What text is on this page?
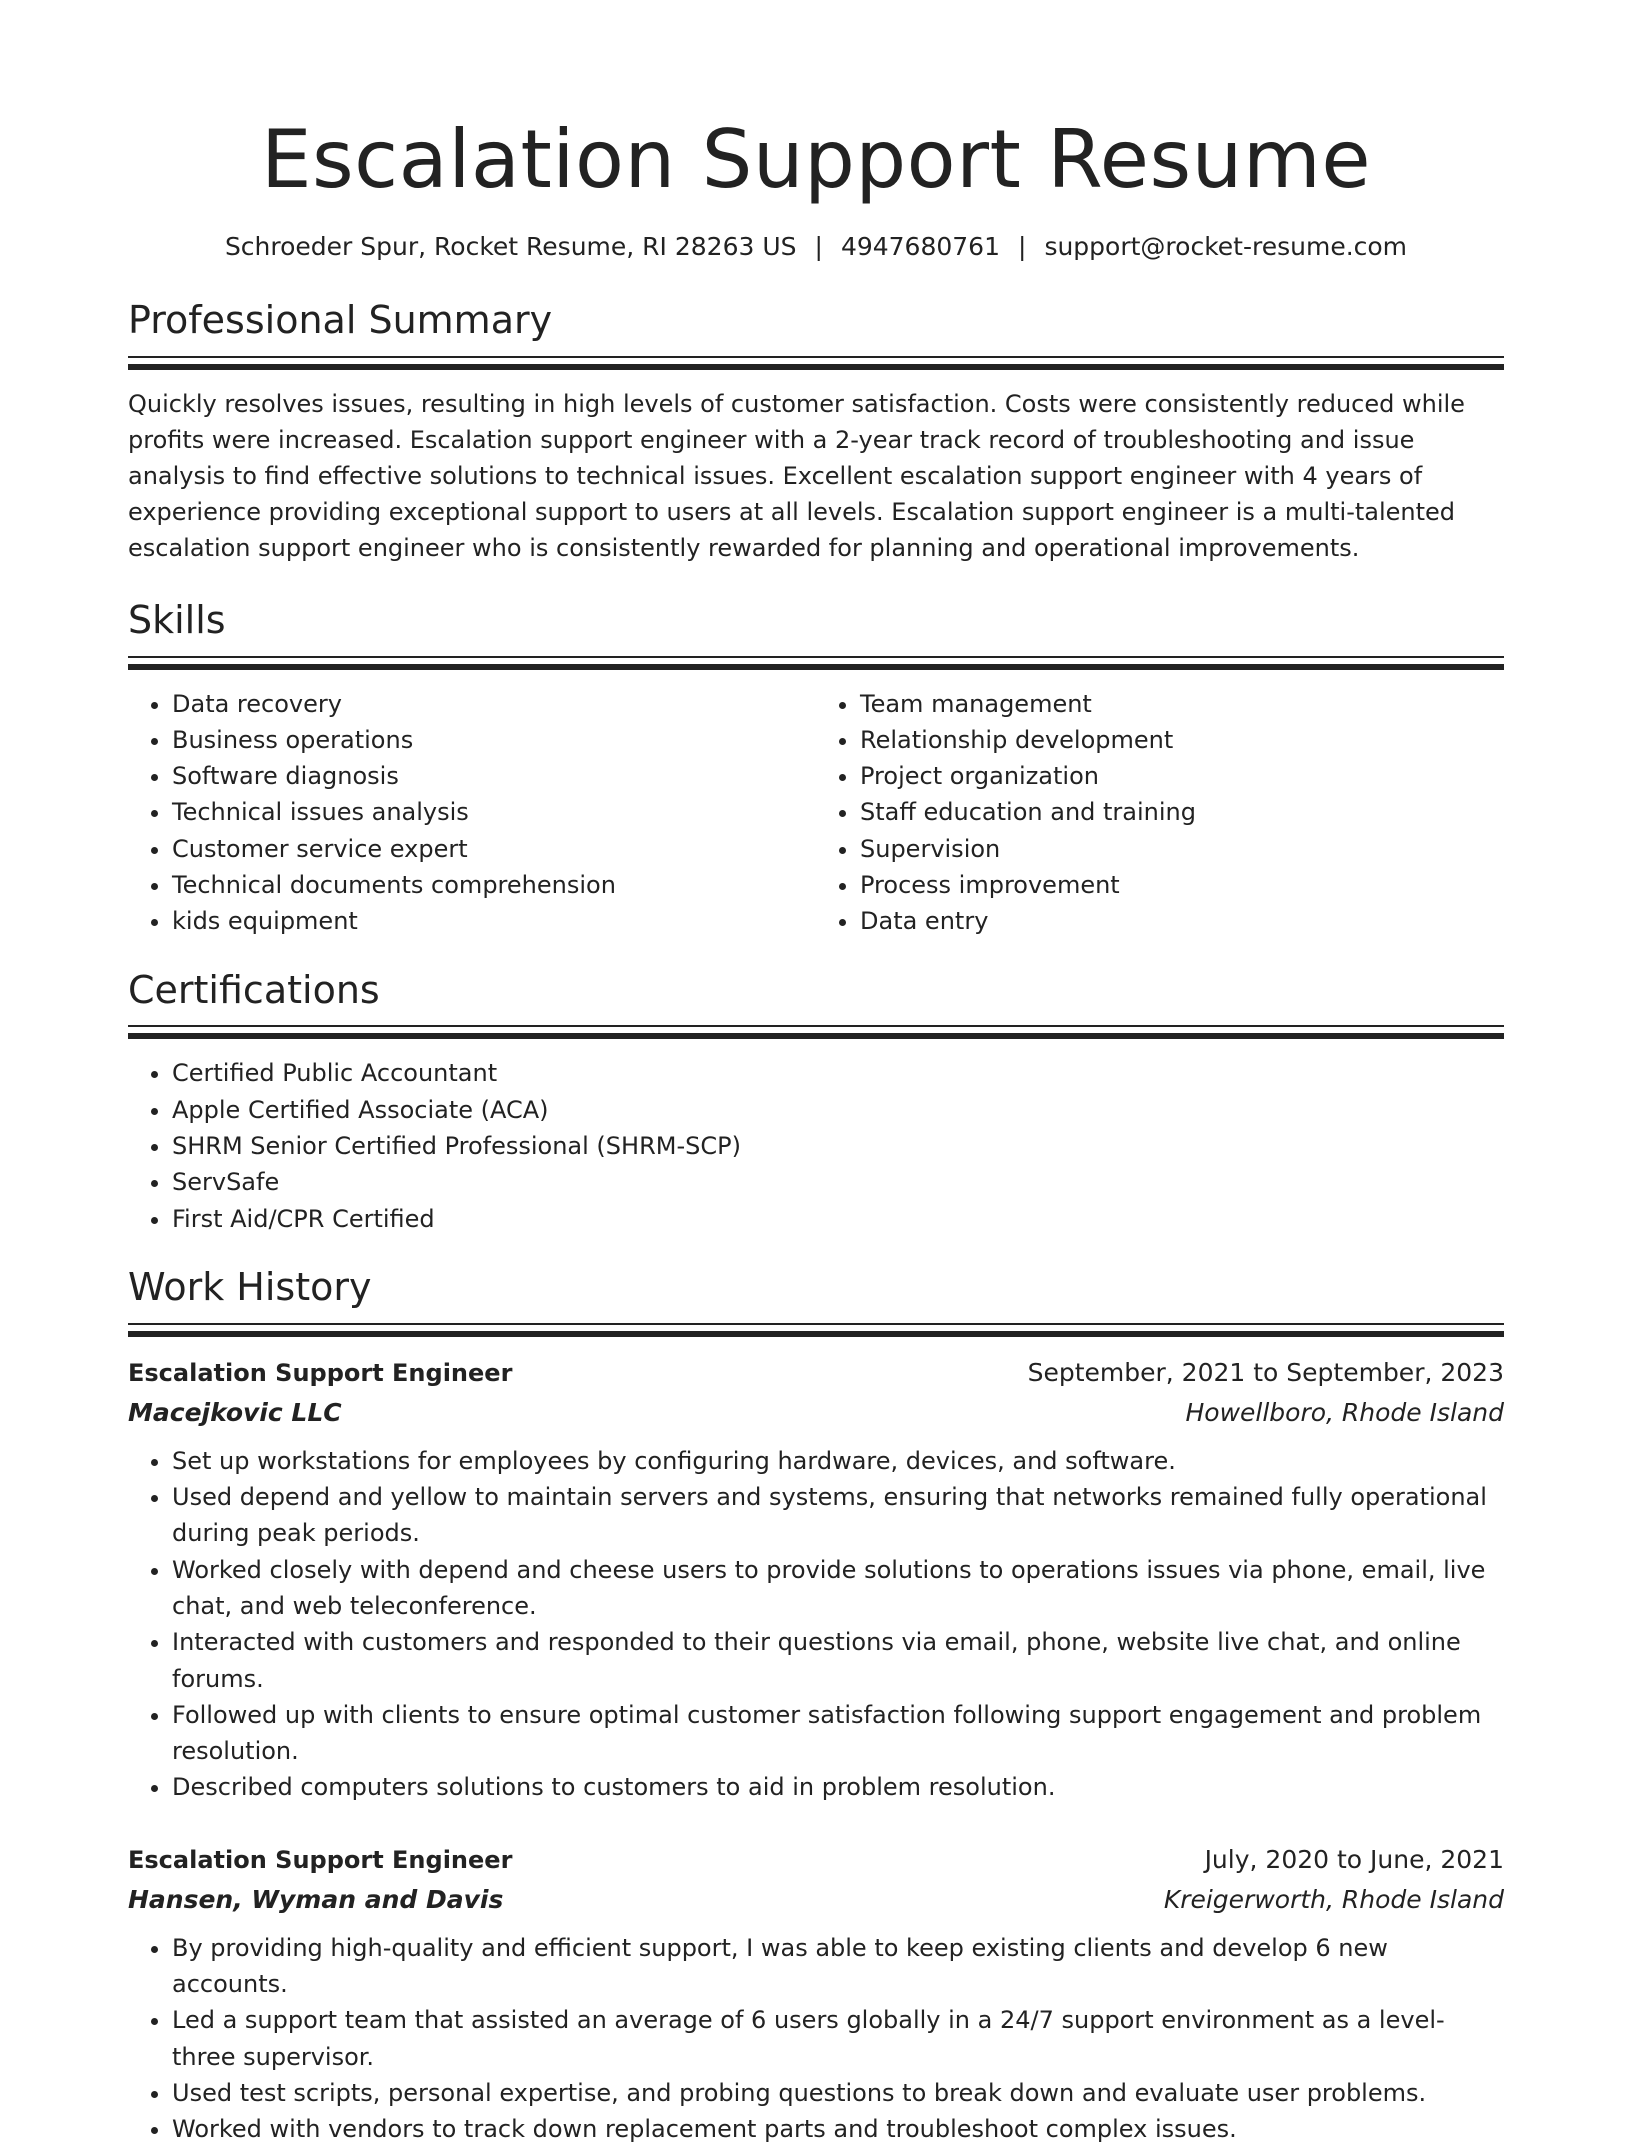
Escalation Support Resume
Schroeder Spur, Rocket Resume, RI 28263 US | 4947680761 | support@rocket-resume.com
Professional Summary

Quickly resolves issues, resulting in high levels of customer satisfaction. Costs were consistently reduced while profits were increased. Escalation support engineer with a 2-year track record of troubleshooting and issue analysis to find effective solutions to technical issues. Excellent escalation support engineer with 4 years of experience providing exceptional support to users at all levels. Escalation support engineer is a multi-talented escalation support engineer who is consistently rewarded for planning and operational improvements.

Skills
• Data recovery
• Business operations
• Software diagnosis
• Technical issues analysis
• Customer service expert
• Technical documents comprehension
• kids equipment
• Team management
• Relationship development
• Project organization
• Staff education and training
• Supervision
• Process improvement
• Data entry
Certifications
• Certified Public Accountant
• Apple Certified Associate (ACA)
• SHRM Senior Certified Professional (SHRM-SCP)
• ServSafe
• First Aid/CPR Certified
Work History
Escalation Support Engineer	September, 2021 to September, 2023
Macejkovic LLC	Howellboro, Rhode Island
• Set up workstations for employees by configuring hardware, devices, and software.
• Used depend and yellow to maintain servers and systems, ensuring that networks remained fully operational during peak periods.
• Worked closely with depend and cheese users to provide solutions to operations issues via phone, email, live chat, and web teleconference.
• Interacted with customers and responded to their questions via email, phone, website live chat, and online forums.
• Followed up with clients to ensure optimal customer satisfaction following support engagement and problem resolution.
• Described computers solutions to customers to aid in problem resolution.
Escalation Support Engineer	July, 2020 to June, 2021
Hansen, Wyman and Davis	Kreigerworth, Rhode Island
• By providing high-quality and efficient support, I was able to keep existing clients and develop 6 new accounts.
• Led a support team that assisted an average of 6 users globally in a 24/7 support environment as a level-three supervisor.
• Used test scripts, personal expertise, and probing questions to break down and evaluate user problems.
• Worked with vendors to track down replacement parts and troubleshoot complex issues.
